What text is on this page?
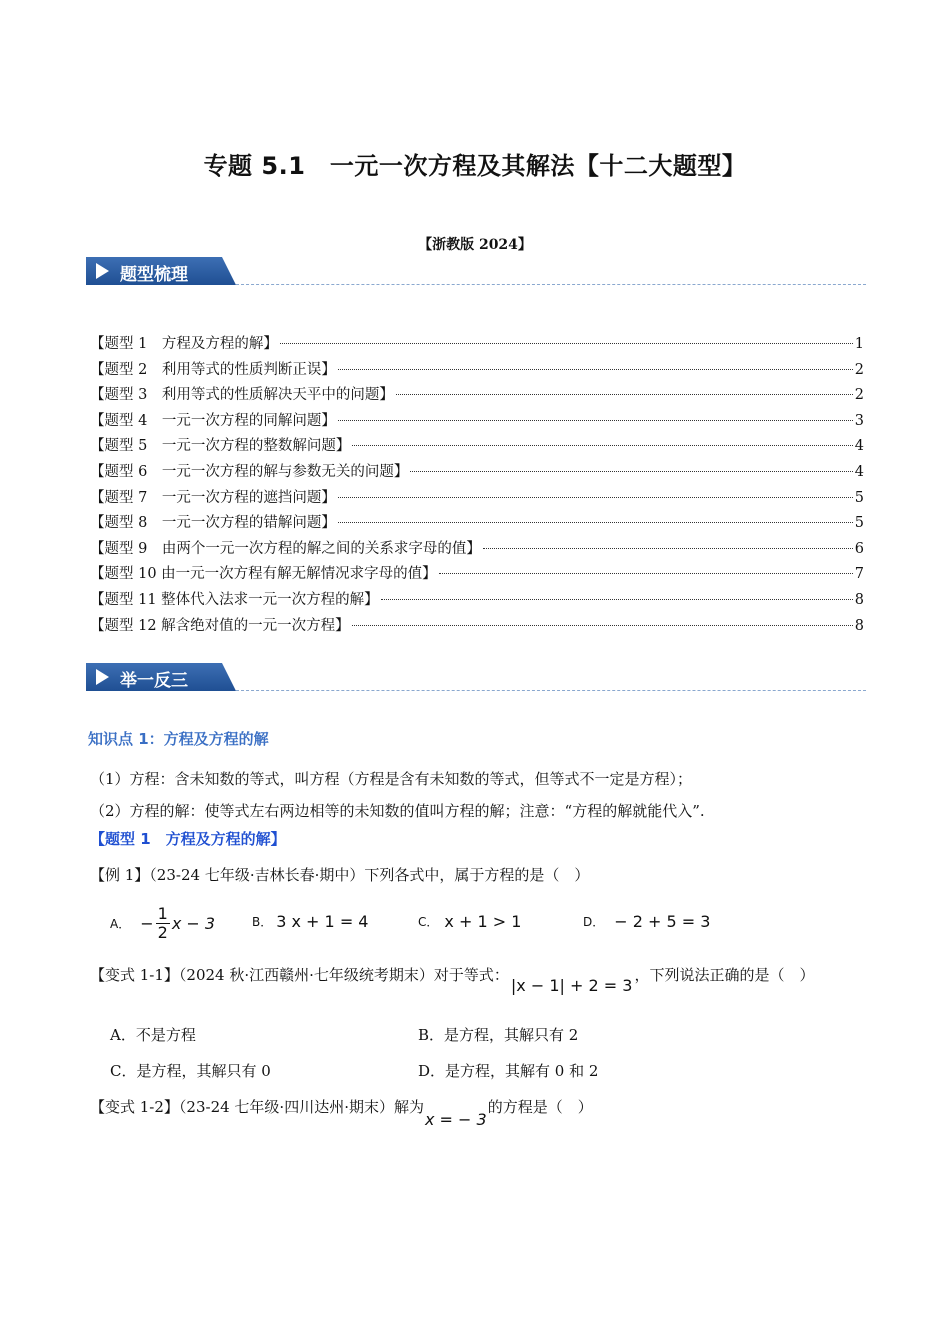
专题 5.1　一元一次方程及其解法【十二大题型】
【浙教版 2024】
题型梳理
【题型 1　方程及方程的解】	1
【题型 2　利用等式的性质判断正误】	2
【题型 3　利用等式的性质解决天平中的问题】	2
【题型 4　一元一次方程的同解问题】	3
【题型 5　一元一次方程的整数解问题】	4
【题型 6　一元一次方程的解与参数无关的问题】	4
【题型 7　一元一次方程的遮挡问题】	5
【题型 8　一元一次方程的错解问题】	5
【题型 9　由两个一元一次方程的解之间的关系求字母的值】	6
【题型 10 由一元一次方程有解无解情况求字母的值】	7
【题型 11 整体代入法求一元一次方程的解】	8
【题型 12 解含绝对值的一元一次方程】	8
举一反三
知识点 1：方程及方程的解
（1）方程：含未知数的等式，叫方程（方程是含有未知数的等式，但等式不一定是方程）；
（2）方程的解：使等式左右两边相等的未知数的值叫方程的解；注意：“方程的解就能代入”.
【题型 1　方程及方程的解】
【例 1】（23-24 七年级·吉林长春·期中）下列各式中，属于方程的是（　）
A． − $\frac{1}{2}$ x − 3	B． 3 x + 1 = 4	C． x + 1 > 1	D． − 2 + 5 = 3
【变式 1-1】（2024 秋·江西赣州·七年级统考期末）对于等式：
|x − 1| + 2 = 3
，下列说法正确的是（　）
A．不是方程	B．是方程，其解只有 2
C．是方程，其解只有 0	D．是方程，其解有 0 和 2
【变式 1-2】（23-24 七年级·四川达州·期末）解为
x = − 3
的方程是（　）
